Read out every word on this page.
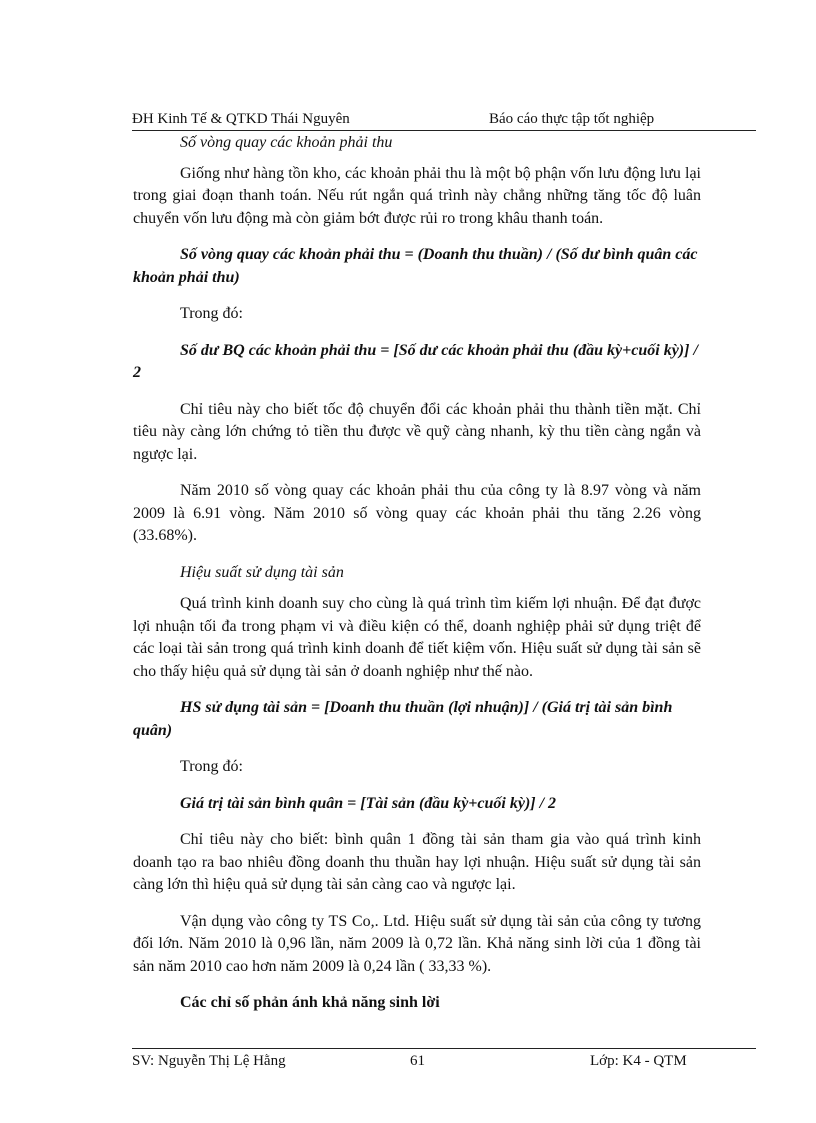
ĐH Kinh Tế & QTKD Thái Nguyên	Báo cáo thực tập tốt nghiệp
Số vòng quay các khoản phải thu

Giống như hàng tồn kho, các khoản phải thu là một bộ phận vốn lưu động lưu lại trong giai đoạn thanh toán. Nếu rút ngắn quá trình này chẳng những tăng tốc độ luân chuyển vốn lưu động mà còn giảm bớt được rủi ro trong khâu thanh toán.

Số vòng quay các khoản phải thu = (Doanh thu thuần) / (Số dư bình quân các khoản phải thu)
Trong đó:
Số dư BQ các khoản phải thu = [Số dư các khoản phải thu (đầu kỳ+cuối kỳ)] / 2

Chỉ tiêu này cho biết tốc độ chuyển đổi các khoản phải thu thành tiền mặt. Chỉ tiêu này càng lớn chứng tỏ tiền thu được về quỹ càng nhanh, kỳ thu tiền càng ngắn và ngược lại.

Năm 2010 số vòng quay các khoản phải thu của công ty là 8.97 vòng và năm 2009 là 6.91 vòng. Năm 2010 số vòng quay các khoản phải thu tăng 2.26 vòng (33.68%).

Hiệu suất sử dụng tài sản

Quá trình kinh doanh suy cho cùng là quá trình tìm kiếm lợi nhuận. Để đạt được lợi nhuận tối đa trong phạm vi và điều kiện có thể, doanh nghiệp phải sử dụng triệt để các loại tài sản trong quá trình kinh doanh để tiết kiệm vốn. Hiệu suất sử dụng tài sản sẽ cho thấy hiệu quả sử dụng tài sản ở doanh nghiệp như thế nào.

HS sử dụng tài sản = [Doanh thu thuần (lợi nhuận)] / (Giá trị tài sản bình quân)
Trong đó:
Giá trị tài sản bình quân = [Tài sản (đầu kỳ+cuối kỳ)] / 2

Chỉ tiêu này cho biết: bình quân 1 đồng tài sản tham gia vào quá trình kinh doanh tạo ra bao nhiêu đồng doanh thu thuần hay lợi nhuận. Hiệu suất sử dụng tài sản càng lớn thì hiệu quả sử dụng tài sản càng cao và ngược lại.

Vận dụng vào công ty TS Co,. Ltd. Hiệu suất sử dụng tài sản của công ty tương đối lớn. Năm 2010 là 0,96 lần, năm 2009 là 0,72 lần. Khả năng sinh lời của 1 đồng tài sản năm 2010 cao hơn năm 2009 là 0,24 lần ( 33,33 %).

Các chỉ số phản ánh khả năng sinh lời
SV: Nguyễn Thị Lệ Hằng	61	Lớp: K4 - QTM
